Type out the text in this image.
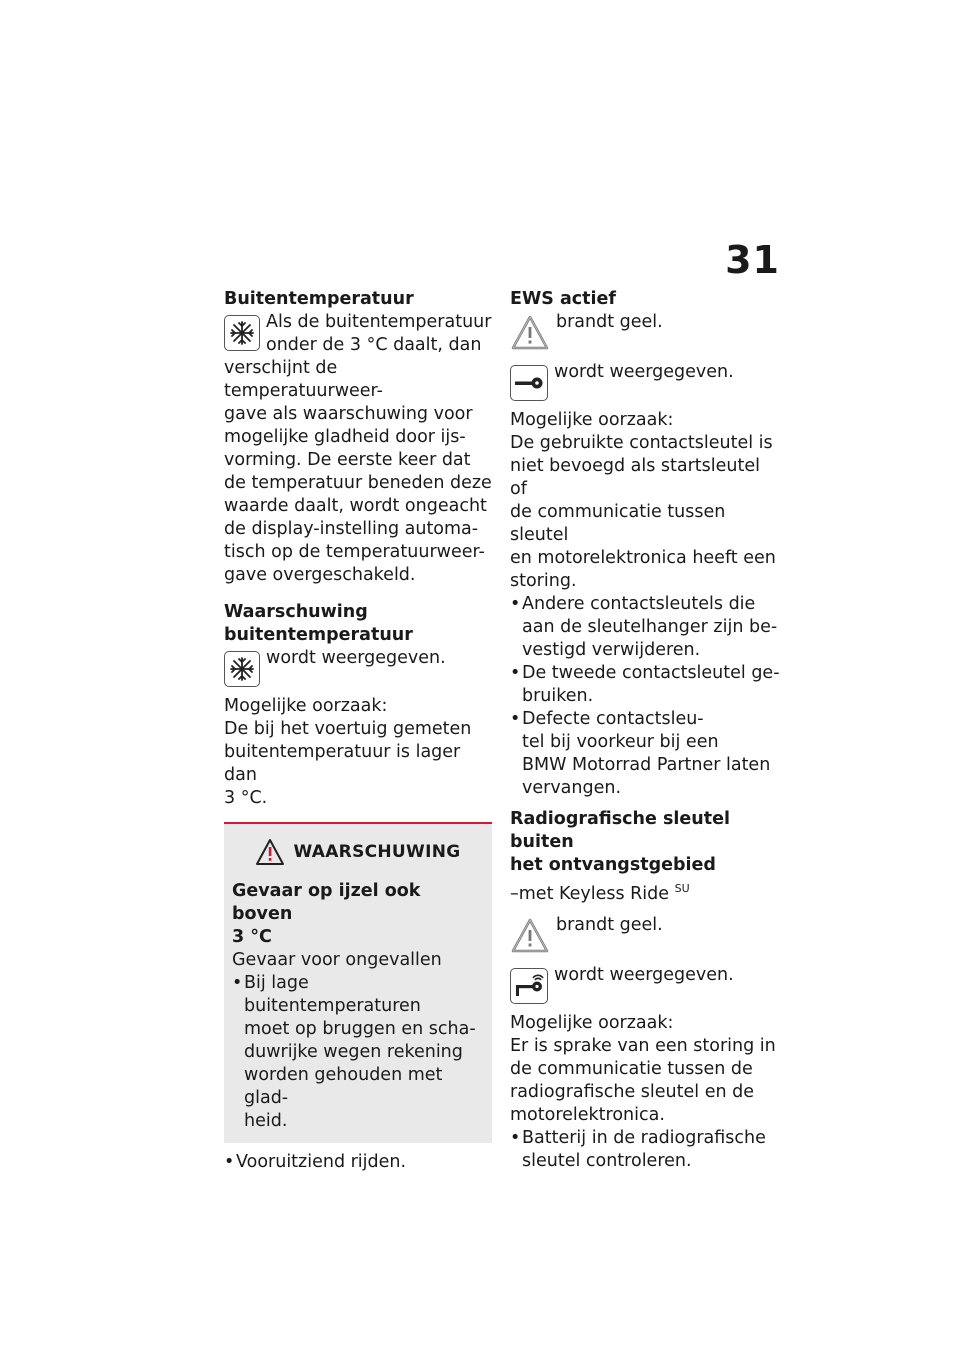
31

Buitentemperatuur

Als de buitentemperatuur

onder de 3 °C daalt, dan

verschijnt de temperatuurweer-

gave als waarschuwing voor

mogelijke gladheid door ijs-

vorming. De eerste keer dat

de temperatuur beneden deze

waarde daalt, wordt ongeacht

de display-instelling automa-

tisch op de temperatuurweer-

gave overgeschakeld.

Waarschuwing

buitentemperatuur

wordt weergegeven.

Mogelijke oorzaak:

De bij het voertuig gemeten

buitentemperatuur is lager dan

3 °C.

WAARSCHUWING

Gevaar op ijzel ook boven

3 °C

Gevaar voor ongevallen

• Bij lage buitentemperaturen

moet op bruggen en scha-

duwrijke wegen rekening

worden gehouden met glad-

heid.

• Vooruitziend rijden.

EWS actief

brandt geel.

wordt weergegeven.

Mogelijke oorzaak:

De gebruikte contactsleutel is

niet bevoegd als startsleutel of

de communicatie tussen sleutel

en motorelektronica heeft een

storing.

• Andere contactsleutels die

aan de sleutelhanger zijn be-

vestigd verwijderen.

• De tweede contactsleutel ge-

bruiken.

• Defecte contactsleu-

tel bij voorkeur bij een

BMW Motorrad Partner laten

vervangen.

Radiografische sleutel buiten

het ontvangstgebied

–met Keyless Ride $^{SU}$

brandt geel.

wordt weergegeven.

Mogelijke oorzaak:

Er is sprake van een storing in

de communicatie tussen de

radiografische sleutel en de

motorelektronica.

• Batterij in de radiografische

sleutel controleren.
